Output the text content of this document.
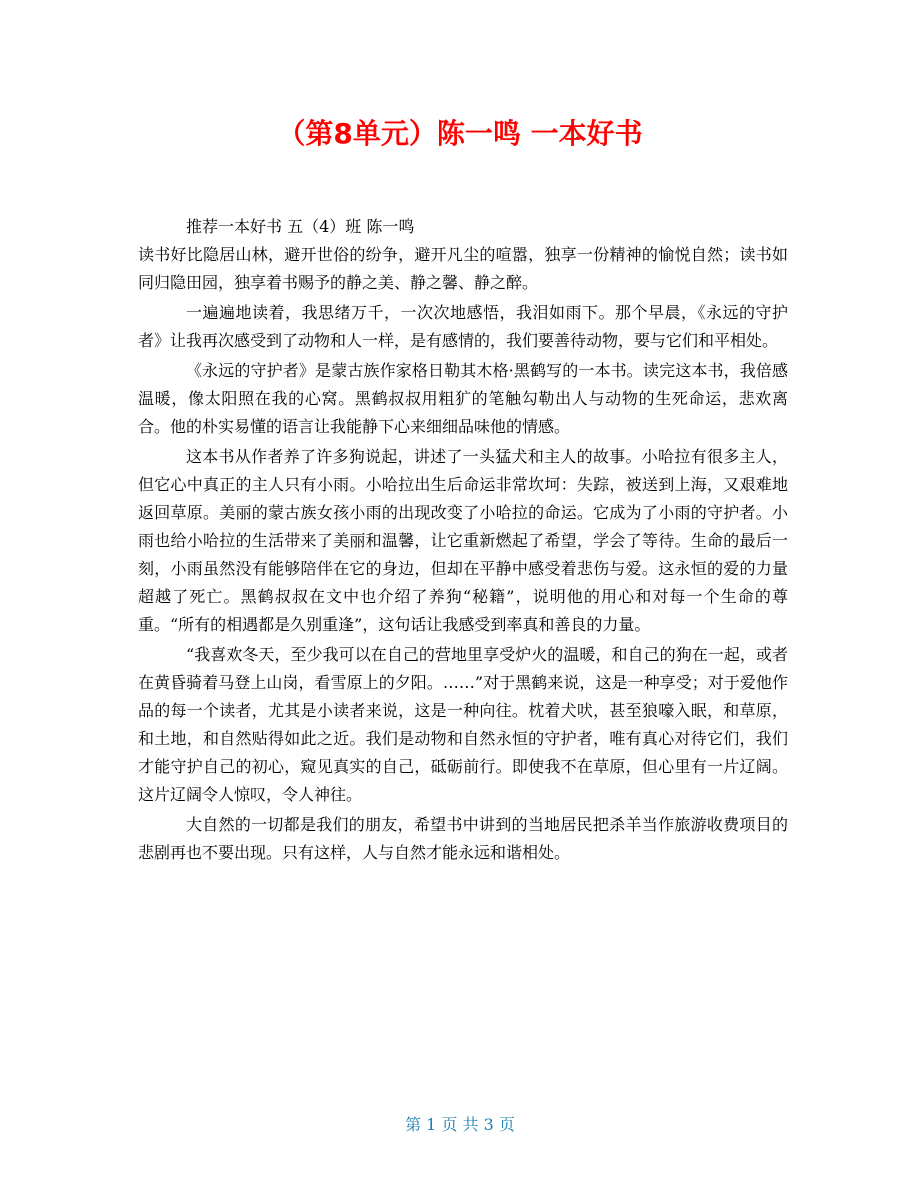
（第8单元）陈一鸣 一本好书

推荐一本好书 五（4）班 陈一鸣

读书好比隐居山林，避开世俗的纷争，避开凡尘的喧嚣，独享一份精神的愉悦自然；读书如同归隐田园，独享着书赐予的静之美、静之馨、静之醉。

一遍遍地读着，我思绪万千，一次次地感悟，我泪如雨下。那个早晨，《永远的守护者》让我再次感受到了动物和人一样，是有感情的，我们要善待动物，要与它们和平相处。

《永远的守护者》是蒙古族作家格日勒其木格·黑鹤写的一本书。读完这本书，我倍感温暖，像太阳照在我的心窝。黑鹤叔叔用粗犷的笔触勾勒出人与动物的生死命运，悲欢离合。他的朴实易懂的语言让我能静下心来细细品味他的情感。

这本书从作者养了许多狗说起，讲述了一头猛犬和主人的故事。小哈拉有很多主人，但它心中真正的主人只有小雨。小哈拉出生后命运非常坎坷：失踪，被送到上海，又艰难地返回草原。美丽的蒙古族女孩小雨的出现改变了小哈拉的命运。它成为了小雨的守护者。小雨也给小哈拉的生活带来了美丽和温馨，让它重新燃起了希望，学会了等待。生命的最后一刻，小雨虽然没有能够陪伴在它的身边，但却在平静中感受着悲伤与爱。这永恒的爱的力量超越了死亡。黑鹤叔叔在文中也介绍了养狗“秘籍”，说明他的用心和对每一个生命的尊重。“所有的相遇都是久别重逢”，这句话让我感受到率真和善良的力量。

“我喜欢冬天，至少我可以在自己的营地里享受炉火的温暖，和自己的狗在一起，或者在黄昏骑着马登上山岗，看雪原上的夕阳。……”对于黑鹤来说，这是一种享受；对于爱他作品的每一个读者，尤其是小读者来说，这是一种向往。枕着犬吠，甚至狼嚎入眠，和草原，和土地，和自然贴得如此之近。我们是动物和自然永恒的守护者，唯有真心对待它们，我们才能守护自己的初心，窥见真实的自己，砥砺前行。即使我不在草原，但心里有一片辽阔。这片辽阔令人惊叹，令人神往。

大自然的一切都是我们的朋友，希望书中讲到的当地居民把杀羊当作旅游收费项目的悲剧再也不要出现。只有这样，人与自然才能永远和谐相处。

第 1 页 共 3 页
